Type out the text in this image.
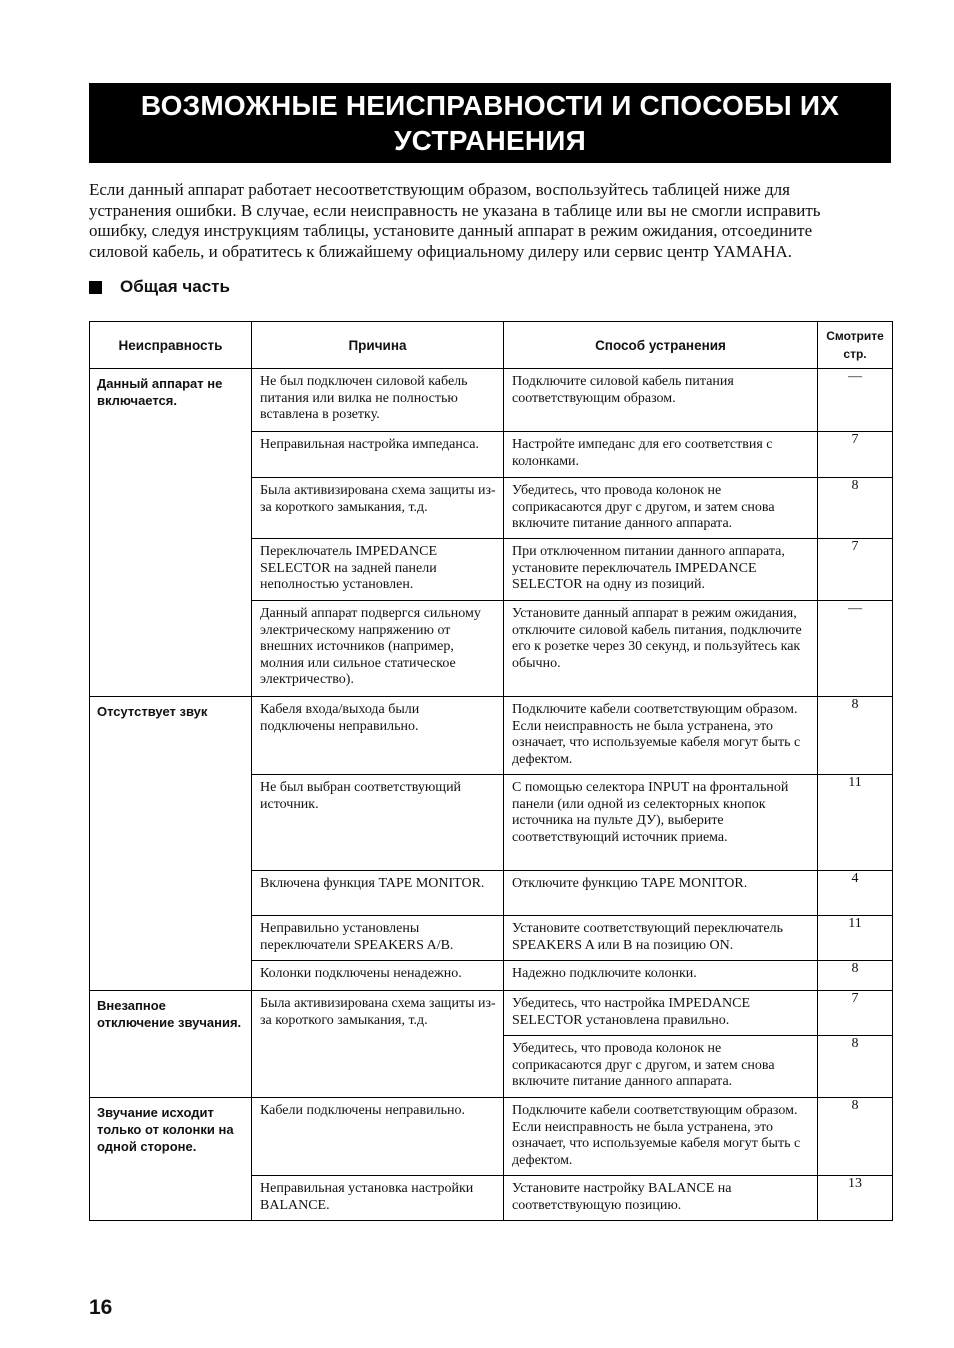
ВОЗМОЖНЫЕ НЕИСПРАВНОСТИ И СПОСОБЫ ИХ
УСТРАНЕНИЯ

Если данный аппарат работает несоответствующим образом, воспользуйтесь таблицей ниже для
устранения ошибки. В случае, если неисправность не указана в таблице или вы не смогли исправить
ошибку, следуя инструкциям таблицы, установите данный аппарат в режим ожидания, отсоедините
силовой кабель, и обратитесь к ближайшему официальному дилеру или сервис центр YAMAHA.

Общая часть
Неисправность	Причина	Способ устранения	Смотрите
стр.

Данный аппарат не включается.	Не был подключен силовой кабель питания или вилка не полностью вставлена в розетку.	Подключите силовой кабель питания соответствующим образом.	—
	Неправильная настройка импеданса.	Настройте импеданс для его соответствия с колонками.	7
	Была активизирована схема защиты из-за короткого замыкания, т.д.	Убедитесь, что провода колонок не соприкасаются друг с другом, и затем снова включите питание данного аппарата.	8
	Переключатель IMPEDANCE SELECTOR на задней панели неполностью установлен.	При отключенном питании данного аппарата, установите переключатель IMPEDANCE SELECTOR на одну из позиций.	7
	Данный аппарат подвергся сильному электрическому напряжению от внешних источников (например, молния или сильное статическое электричество).	Установите данный аппарат в режим ожидания, отключите силовой кабель питания, подключите его к розетке через 30 секунд, и пользуйтесь как обычно.	—
Отсутствует звук	Кабеля входа/выхода были подключены неправильно.	Подключите кабели соответствующим образом. Если неисправность не была устранена, это означает, что используемые кабеля могут быть с дефектом.	8
	Не был выбран соответствующий источник.	С помощью селектора INPUT на фронтальной панели (или одной из селекторных кнопок источника на пульте ДУ), выберите соответствующий источник приема.	11
	Включена функция TAPE MONITOR.	Отключите функцию TAPE MONITOR.	4
	Неправильно установлены переключатели SPEAKERS A/B.	Установите соответствующий переключатель SPEAKERS A или B на позицию ON.	11
	Колонки подключены ненадежно.	Надежно подключите колонки.	8
Внезапное отключение звучания.	Была активизирована схема защиты из-за короткого замыкания, т.д.	Убедитесь, что настройка IMPEDANCE SELECTOR установлена правильно.	7
		Убедитесь, что провода колонок не соприкасаются друг с другом, и затем снова включите питание данного аппарата.	8
Звучание исходит только от колонки на одной стороне.	Кабели подключены неправильно.	Подключите кабели соответствующим образом. Если неисправность не была устранена, это означает, что используемые кабеля могут быть с дефектом.	8
	Неправильная установка настройки BALANCE.	Установите настройку BALANCE на соответствующую позицию.	13
16
